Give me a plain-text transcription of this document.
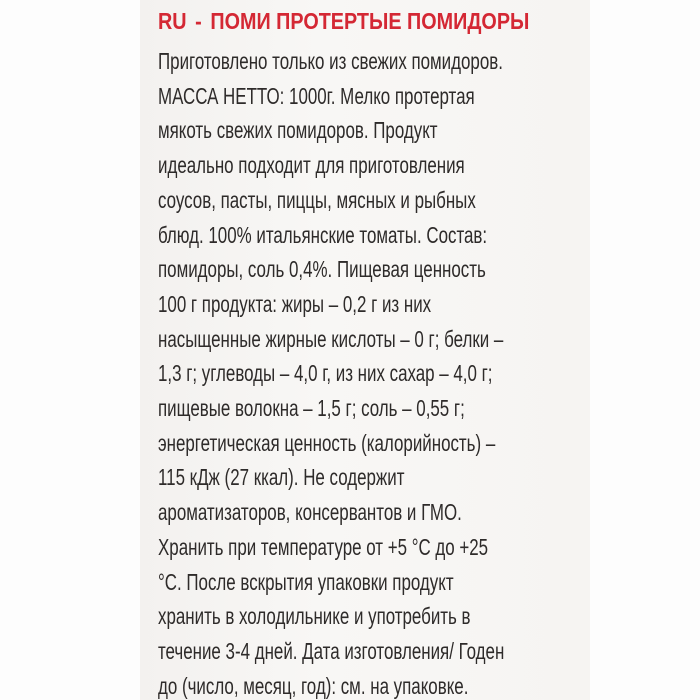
RU - ПОМИ ПРОТЕРТЫЕ ПОМИДОРЫ
Приготовлено только из свежих помидоров.
МАССА НЕТТО: 1000г. Мелко протертая
мякоть свежих помидоров. Продукт
идеально подходит для приготовления
соусов, пасты, пиццы, мясных и рыбных
блюд. 100% итальянские томаты. Состав:
помидоры, соль 0,4%. Пищевая ценность
100 г продукта: жиры – 0,2 г из них
насыщенные жирные кислоты – 0 г; белки –
1,3 г; углеводы – 4,0 г, из них сахар – 4,0 г;
пищевые волокна – 1,5 г; соль – 0,55 г;
энергетическая ценность (калорийность) –
115 кДж (27 ккал). Не содержит
ароматизаторов, консервантов и ГМО.
Хранить при температуре от +5 °С до +25
°С. После вскрытия упаковки продукт
хранить в холодильнике и употребить в
течение 3-4 дней. Дата изготовления/ Годен
до (число, месяц, год): см. на упаковке.
